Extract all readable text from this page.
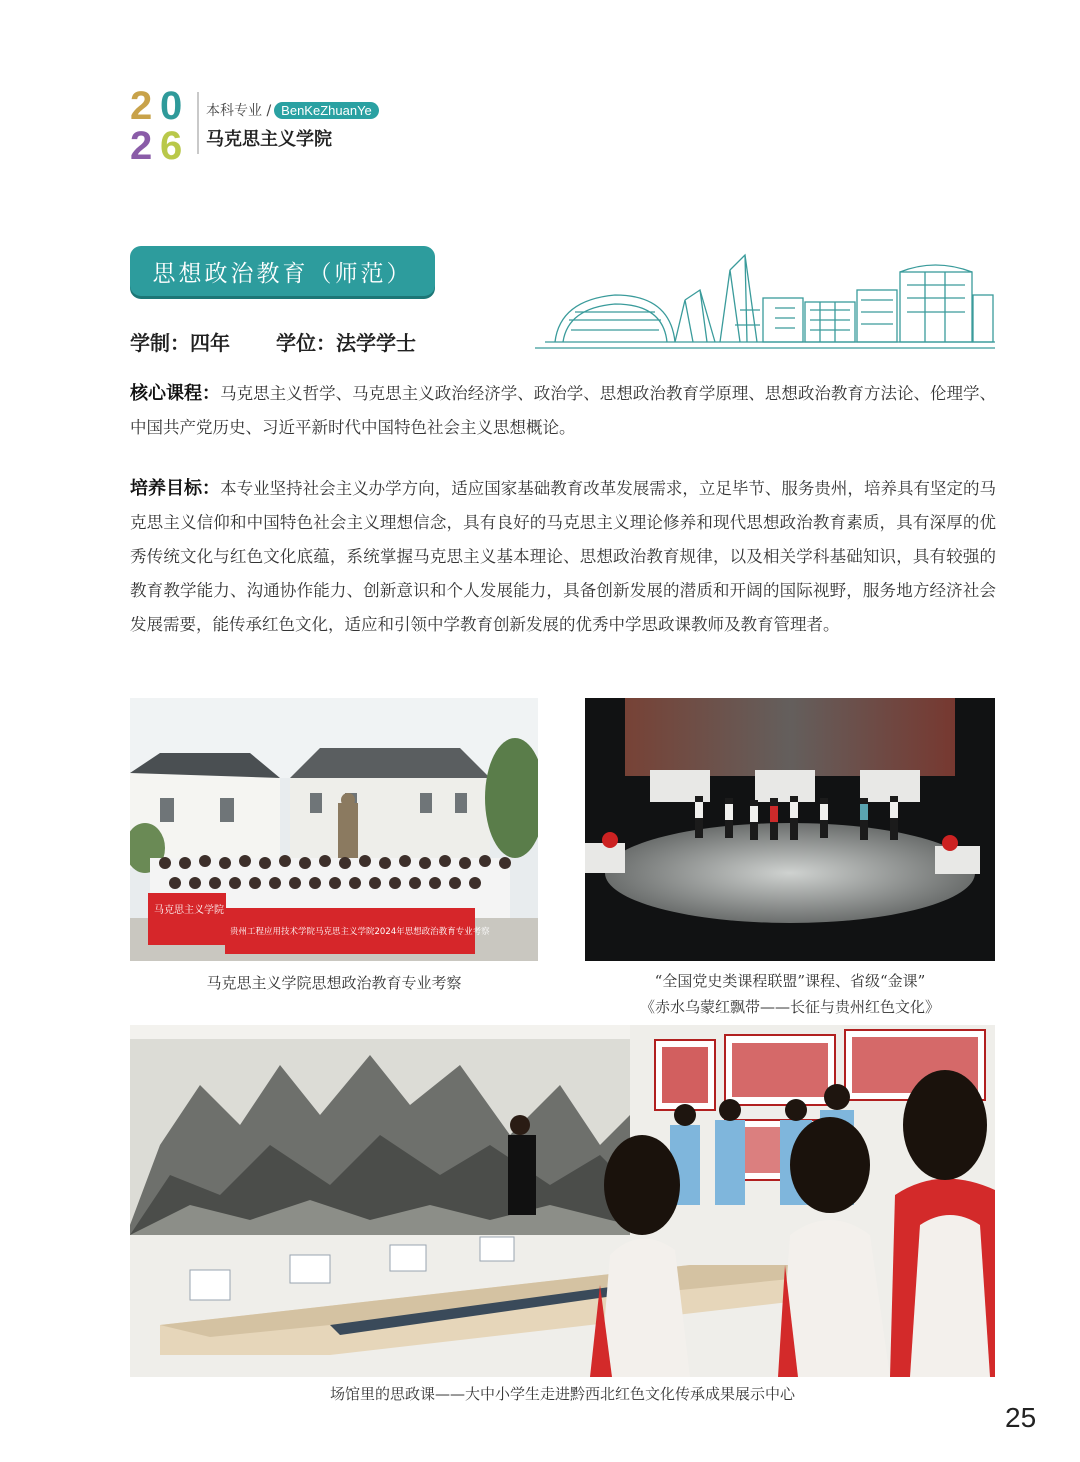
2 0
2 6
本科专业 / BenKeZhuanYe
马克思主义学院
思想政治教育（师范）
学制：四年 学位：法学学士
核心课程：马克思主义哲学、马克思主义政治经济学、政治学、思想政治教育学原理、思想政治教育方法论、伦理学、中国共产党历史、习近平新时代中国特色社会主义思想概论。
培养目标：本专业坚持社会主义办学方向，适应国家基础教育改革发展需求，立足毕节、服务贵州，培养具有坚定的马克思主义信仰和中国特色社会主义理想信念，具有良好的马克思主义理论修养和现代思想政治教育素质，具有深厚的优秀传统文化与红色文化底蕴，系统掌握马克思主义基本理论、思想政治教育规律，以及相关学科基础知识，具有较强的教育教学能力、沟通协作能力、创新意识和个人发展能力，具备创新发展的潜质和开阔的国际视野，服务地方经济社会发展需要，能传承红色文化，适应和引领中学教育创新发展的优秀中学思政课教师及教育管理者。
马克思主义学院
贵州工程应用技术学院马克思主义学院2024年思想政治教育专业考察
马克思主义学院思想政治教育专业考察	“全国党史类课程联盟”课程、省级“金课”
《赤水乌蒙红飘带——长征与贵州红色文化》
场馆里的思政课——大中小学生走进黔西北红色文化传承成果展示中心
25
